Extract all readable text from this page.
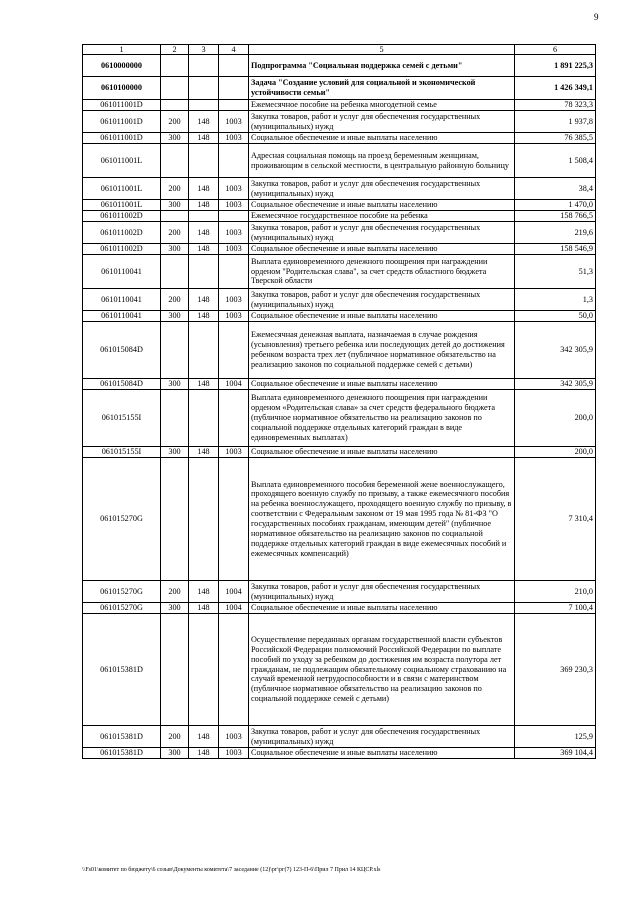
9
1	2	3	4	5	6
0610000000				Подпрограмма "Социальная поддержка семей с детьми"	1 891 225,3
0610100000				Задача "Создание условий для социальной и экономической устойчивости семьи"	1 426 349,1
061011001D				Ежемесячное пособие на ребенка многодетной семье	78 323,3
061011001D	200	148	1003	Закупка товаров, работ и услуг для обеспечения государственных (муниципальных) нужд	1 937,8
061011001D	300	148	1003	Социальное обеспечение и иные выплаты населению	76 385,5
061011001L				Адресная социальная помощь на проезд беременным женщинам, проживающим в сельской местности, в центральную районную больницу	1 508,4
061011001L	200	148	1003	Закупка товаров, работ и услуг для обеспечения государственных (муниципальных) нужд	38,4
061011001L	300	148	1003	Социальное обеспечение и иные выплаты населению	1 470,0
061011002D				Ежемесячное государственное пособие на ребенка	158 766,5
061011002D	200	148	1003	Закупка товаров, работ и услуг для обеспечения государственных (муниципальных) нужд	219,6
061011002D	300	148	1003	Социальное обеспечение и иные выплаты населению	158 546,9
0610110041				Выплата единовременного денежного поощрения при награждении орденом "Родительская слава", за счет средств областного бюджета Тверской области	51,3
0610110041	200	148	1003	Закупка товаров, работ и услуг для обеспечения государственных (муниципальных) нужд	1,3
0610110041	300	148	1003	Социальное обеспечение и иные выплаты населению	50,0
061015084D				Ежемесячная денежная выплата, назначаемая в случае рождения (усыновления) третьего ребенка или последующих детей до достижения ребенком возраста трех лет (публичное нормативное обязательство на реализацию законов по социальной поддержке семей с детьми)	342 305,9
061015084D	300	148	1004	Социальное обеспечение и иные выплаты населению	342 305,9
061015155I				Выплата единовременного денежного поощрения при награждении орденом «Родительская слава» за счет средств федерального бюджета (публичное нормативное обязательство на реализацию законов по социальной поддержке отдельных категорий граждан в виде единовременных выплатах)	200,0
061015155I	300	148	1003	Социальное обеспечение и иные выплаты населению	200,0
061015270G				Выплата единовременного пособия беременной жене военнослужащего, проходящего военную службу по призыву, а также ежемесячного пособия на ребенка военнослужащего, проходящего военную службу по призыву, в соответствии с Федеральным законом от 19 мая 1995 года № 81-ФЗ "О государственных пособиях гражданам, имеющим детей" (публичное нормативное обязательство на реализацию законов по социальной поддержке отдельных категорий граждан в виде ежемесячных пособий и ежемесячных компенсаций)	7 310,4
061015270G	200	148	1004	Закупка товаров, работ и услуг для обеспечения государственных (муниципальных) нужд	210,0
061015270G	300	148	1004	Социальное обеспечение и иные выплаты населению	7 100,4
061015381D				Осуществление переданных органам государственной власти субъектов Российской Федерации полномочий Российской Федерации по выплате пособий по уходу за ребенком до достижения им возраста полутора лет гражданам, не подлежащим обязательному социальному страхованию на случай временной нетрудоспособности и в связи с материнством (публичное нормативное обязательство на реализацию законов по социальной поддержке семей с детьми)	369 230,3
061015381D	200	148	1003	Закупка товаров, работ и услуг для обеспечения государственных (муниципальных) нужд	125,9
061015381D	300	148	1003	Социальное обеспечение и иные выплаты населению	369 104,4
\\Fs01\комитет по бюджету\6 созыв\Документы комитета\7 заседание (12)\рг\рг(7) 123-П-6\Прил 7 Прил 14 КЦСР.xls
